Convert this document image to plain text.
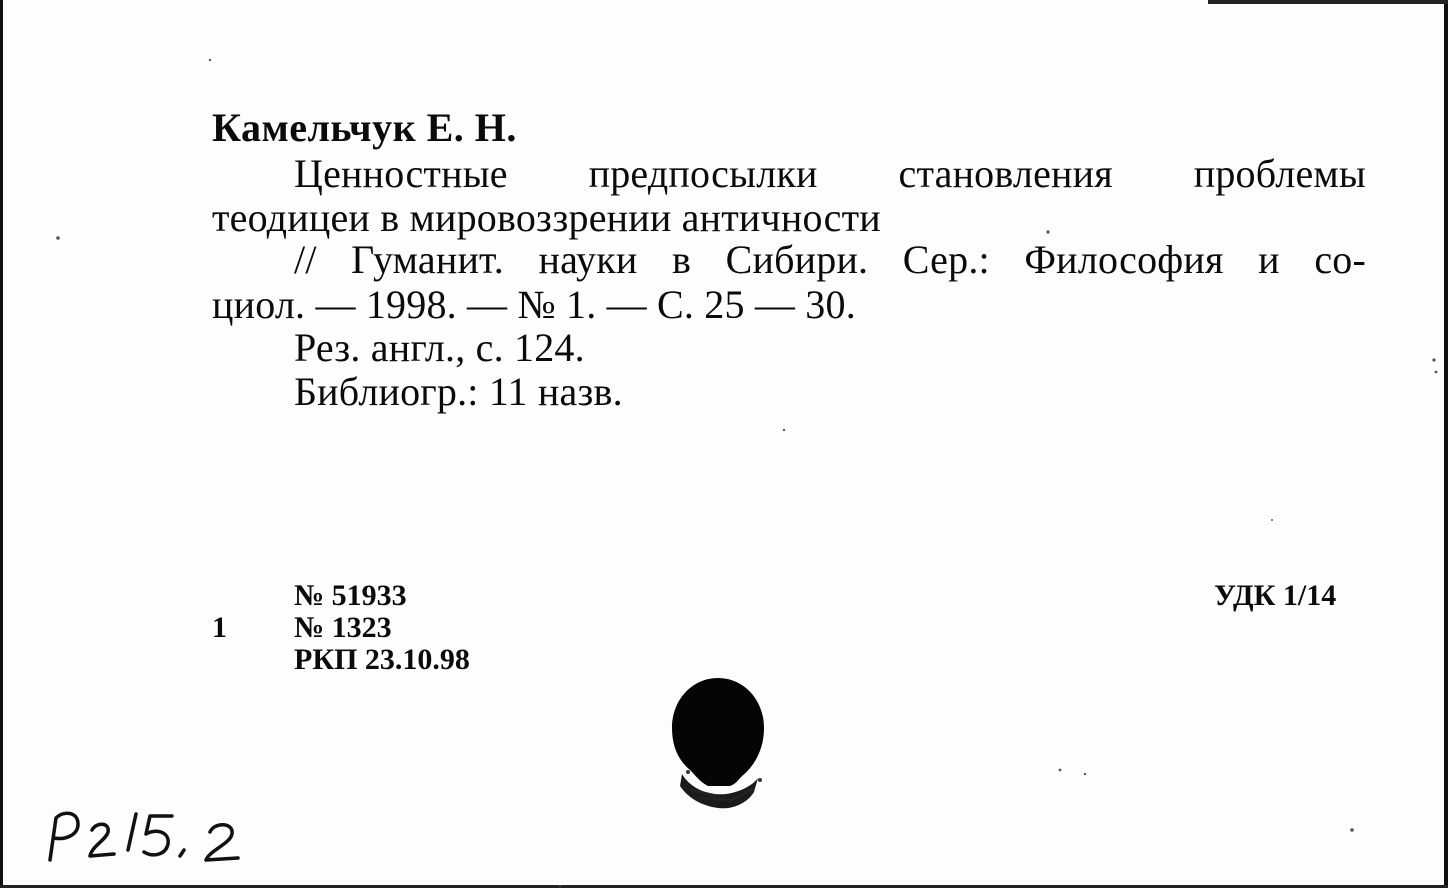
Камельчук Е. Н.
Ценностные предпосылки становления проблемы
теодицеи в мировоззрении античности
// Гуманит. науки в Сибири. Сер.: Философия и со-
циол. — 1998. — № 1. — С. 25 — 30.
Рез. англ., с. 124.
Библиогр.: 11 назв.
№ 51933
1 № 1323
РКП 23.10.98
УДК 1/14
